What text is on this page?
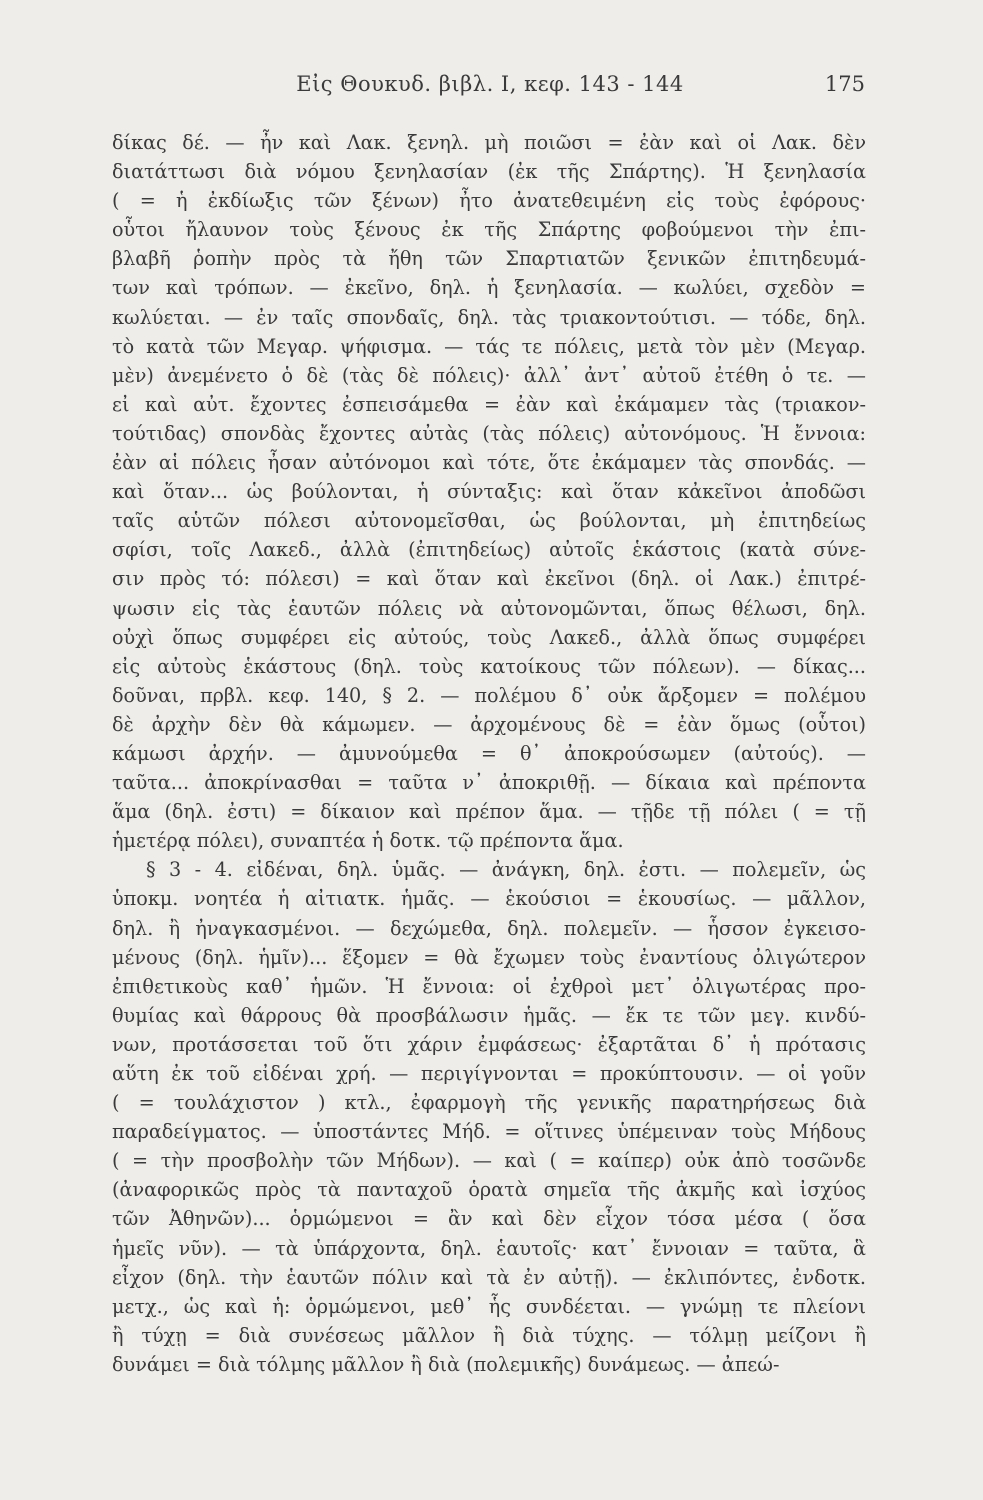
Εἰς Θουκυδ. βιβλ. Ι, κεφ. 143 - 144	175
δίκας δέ. — ἦν καὶ Λακ. ξενηλ. μὴ ποιῶσι = ἐὰν καὶ οἱ Λακ. δὲν
διατάττωσι διὰ νόμου ξενηλασίαν (ἐκ τῆς Σπάρτης). Ἡ ξενηλασία
( = ἡ ἐκδίωξις τῶν ξένων) ἦτο ἀνατεθειμένη εἰς τοὺς ἐφόρους·
οὗτοι ἤλαυνον τοὺς ξένους ἐκ τῆς Σπάρτης φοβούμενοι τὴν ἐπι-
βλαβῆ ῥοπὴν πρὸς τὰ ἤθη τῶν Σπαρτιατῶν ξενικῶν ἐπιτηδευμά-
των καὶ τρόπων. — ἐκεῖνο, δηλ. ἡ ξενηλασία. — κωλύει, σχεδὸν =
κωλύεται. — ἐν ταῖς σπονδαῖς, δηλ. τὰς τριακοντούτισι. — τόδε, δηλ.
τὸ κατὰ τῶν Μεγαρ. ψήφισμα. — τάς τε πόλεις, μετὰ τὸν μὲν (Μεγαρ.
μὲν) ἀνεμένετο ὁ δὲ (τὰς δὲ πόλεις)· ἀλλ᾽ ἀντ᾽ αὐτοῦ ἐτέθη ὁ τε. —
εἰ καὶ αὐτ. ἔχοντες ἐσπεισάμεθα = ἐὰν καὶ ἐκάμαμεν τὰς (τριακον-
τούτιδας) σπονδὰς ἔχοντες αὐτὰς (τὰς πόλεις) αὐτονόμους. Ἡ ἔννοια:
ἐὰν αἱ πόλεις ἦσαν αὐτόνομοι καὶ τότε, ὅτε ἐκάμαμεν τὰς σπονδάς. —
καὶ ὅταν... ὡς βούλονται, ἡ σύνταξις: καὶ ὅταν κἀκεῖνοι ἀποδῶσι
ταῖς αὑτῶν πόλεσι αὐτονομεῖσθαι, ὡς βούλονται, μὴ ἐπιτηδείως
σφίσι, τοῖς Λακεδ., ἀλλὰ (ἐπιτηδείως) αὐτοῖς ἑκάστοις (κατὰ σύνε-
σιν πρὸς τό: πόλεσι) = καὶ ὅταν καὶ ἐκεῖνοι (δηλ. οἱ Λακ.) ἐπιτρέ-
ψωσιν εἰς τὰς ἑαυτῶν πόλεις νὰ αὐτονομῶνται, ὅπως θέλωσι, δηλ.
οὐχὶ ὅπως συμφέρει εἰς αὐτούς, τοὺς Λακεδ., ἀλλὰ ὅπως συμφέρει
εἰς αὐτοὺς ἑκάστους (δηλ. τοὺς κατοίκους τῶν πόλεων). — δίκας...
δοῦναι, πρβλ. κεφ. 140, § 2. — πολέμου δ᾽ οὐκ ἄρξομεν = πολέμου
δὲ ἀρχὴν δὲν θὰ κάμωμεν. — ἀρχομένους δὲ = ἐὰν ὅμως (οὗτοι)
κάμωσι ἀρχήν. — ἀμυνούμεθα = θ᾽ ἀποκρούσωμεν (αὐτούς). —
ταῦτα... ἀποκρίνασθαι = ταῦτα ν᾽ ἀποκριθῇ. — δίκαια καὶ πρέποντα
ἅμα (δηλ. ἐστι) = δίκαιον καὶ πρέπον ἅμα. — τῇδε τῇ πόλει ( = τῇ
ἡμετέρᾳ πόλει), συναπτέα ἡ δοτκ. τῷ πρέποντα ἅμα.
§ 3 - 4. εἰδέναι, δηλ. ὑμᾶς. — ἀνάγκη, δηλ. ἐστι. — πολεμεῖν, ὡς
ὑποκμ. νοητέα ἡ αἰτιατκ. ἡμᾶς. — ἑκούσιοι = ἑκουσίως. — μᾶλλον,
δηλ. ἢ ἠναγκασμένοι. — δεχώμεθα, δηλ. πολεμεῖν. — ἧσσον ἐγκεισο-
μένους (δηλ. ἡμῖν)... ἕξομεν = θὰ ἔχωμεν τοὺς ἐναντίους ὀλιγώτερον
ἐπιθετικοὺς καθ᾽ ἡμῶν. Ἡ ἔννοια: οἱ ἐχθροὶ μετ᾽ ὀλιγωτέρας προ-
θυμίας καὶ θάρρους θὰ προσβάλωσιν ἡμᾶς. — ἔκ τε τῶν μεγ. κινδύ-
νων, προτάσσεται τοῦ ὅτι χάριν ἐμφάσεως· ἐξαρτᾶται δ᾽ ἡ πρότασις
αὕτη ἐκ τοῦ εἰδέναι χρή. — περιγίγνονται = προκύπτουσιν. — οἱ γοῦν
( = τουλάχιστον ) κτλ., ἐφαρμογὴ τῆς γενικῆς παρατηρήσεως διὰ
παραδείγματος. — ὑποστάντες Μήδ. = οἵτινες ὑπέμειναν τοὺς Μήδους
( = τὴν προσβολὴν τῶν Μήδων). — καὶ ( = καίπερ) οὐκ ἀπὸ τοσῶνδε
(ἀναφορικῶς πρὸς τὰ πανταχοῦ ὁρατὰ σημεῖα τῆς ἀκμῆς καὶ ἰσχύος
τῶν Ἀθηνῶν)... ὁρμώμενοι = ἂν καὶ δὲν εἶχον τόσα μέσα ( ὅσα
ἡμεῖς νῦν). — τὰ ὑπάρχοντα, δηλ. ἑαυτοῖς· κατ᾽ ἔννοιαν = ταῦτα, ἃ
εἶχον (δηλ. τὴν ἑαυτῶν πόλιν καὶ τὰ ἐν αὐτῇ). — ἐκλιπόντες, ἐνδοτκ.
μετχ., ὡς καὶ ἡ: ὁρμώμενοι, μεθ᾽ ἧς συνδέεται. — γνώμῃ τε πλείονι
ἢ τύχῃ = διὰ συνέσεως μᾶλλον ἢ διὰ τύχης. — τόλμῃ μείζονι ἢ
δυνάμει = διὰ τόλμης μᾶλλον ἢ διὰ (πολεμικῆς) δυνάμεως. — ἀπεώ-
